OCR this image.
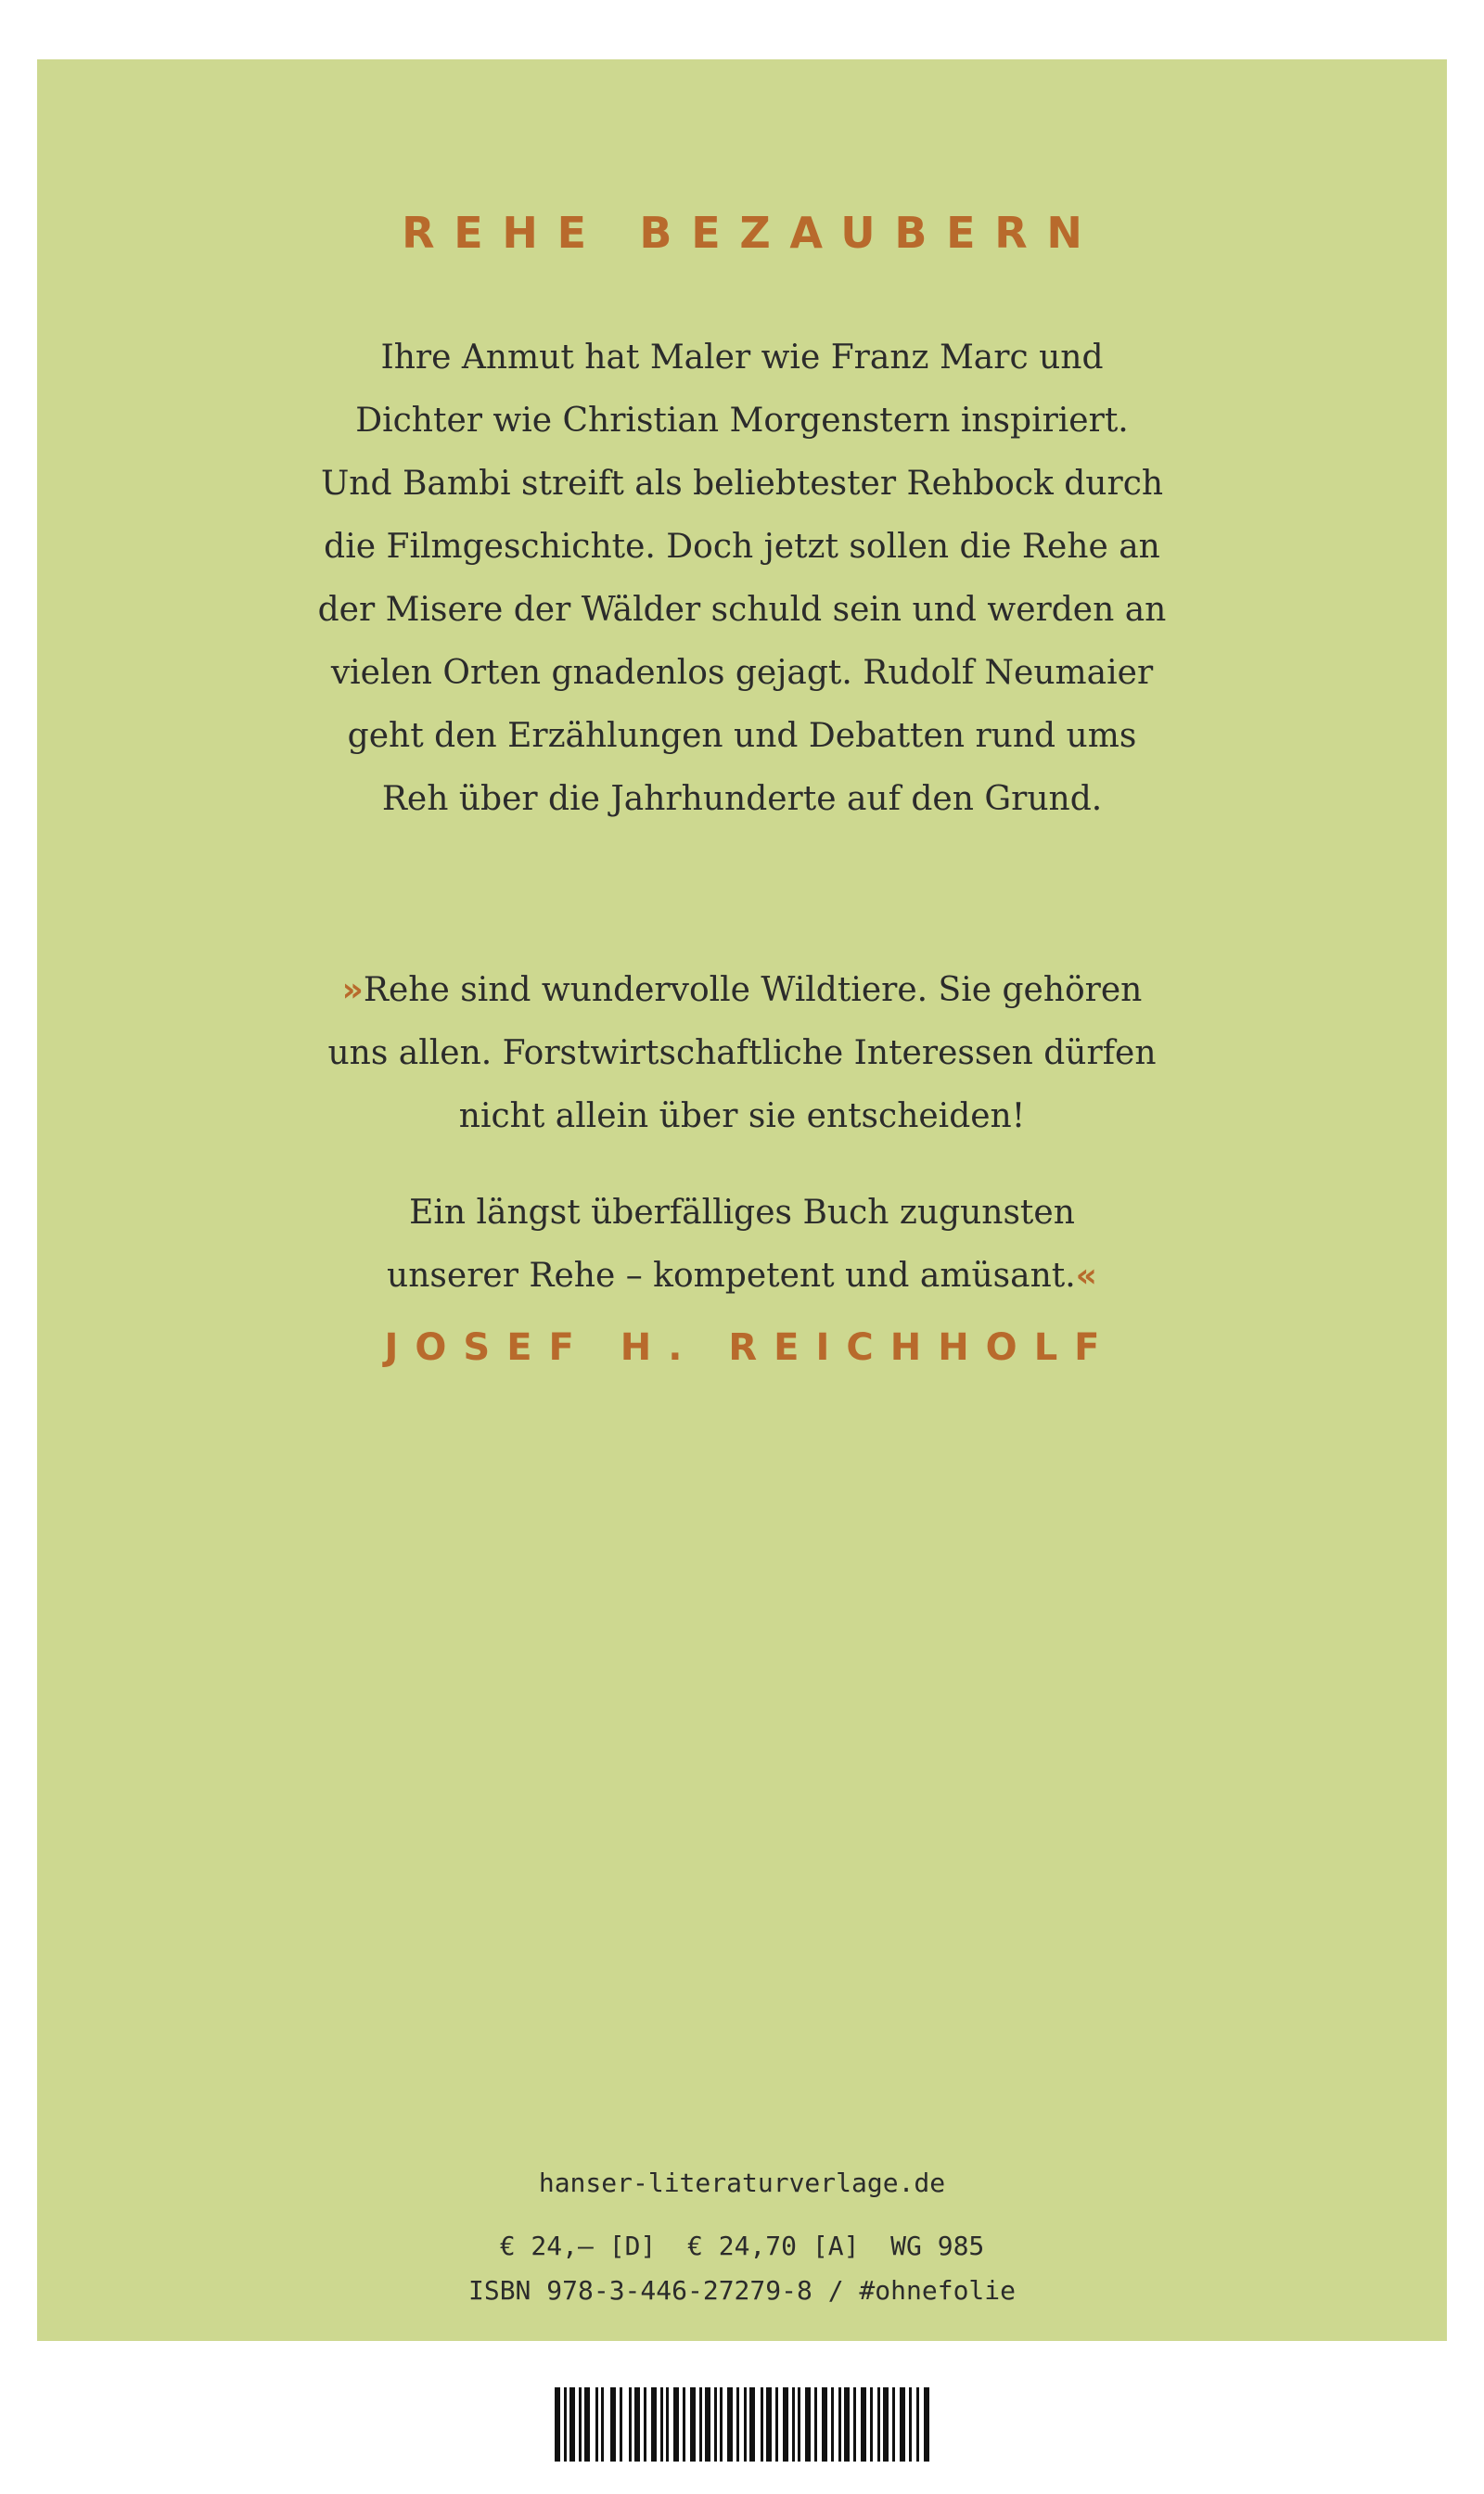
REHE BEZAUBERN

Ihre Anmut hat Maler wie Franz Marc und

Dichter wie Christian Morgenstern inspiriert.

Und Bambi streift als beliebtester Rehbock durch

die Filmgeschichte. Doch jetzt sollen die Rehe an

der Misere der Wälder schuld sein und werden an

vielen Orten gnadenlos gejagt. Rudolf Neumaier

geht den Erzählungen und Debatten rund ums

Reh über die Jahrhunderte auf den Grund.

»Rehe sind wundervolle Wildtiere. Sie gehören

uns allen. Forstwirtschaftliche Interessen dürfen

nicht allein über sie entscheiden!

Ein längst überfälliges Buch zugunsten

unserer Rehe – kompetent und amüsant.«

JOSEF H. REICHHOLF
hanser-literaturverlage.de
€ 24,– [D]  € 24,70 [A]  WG 985
ISBN 978-3-446-27279-8 / #ohnefolie
